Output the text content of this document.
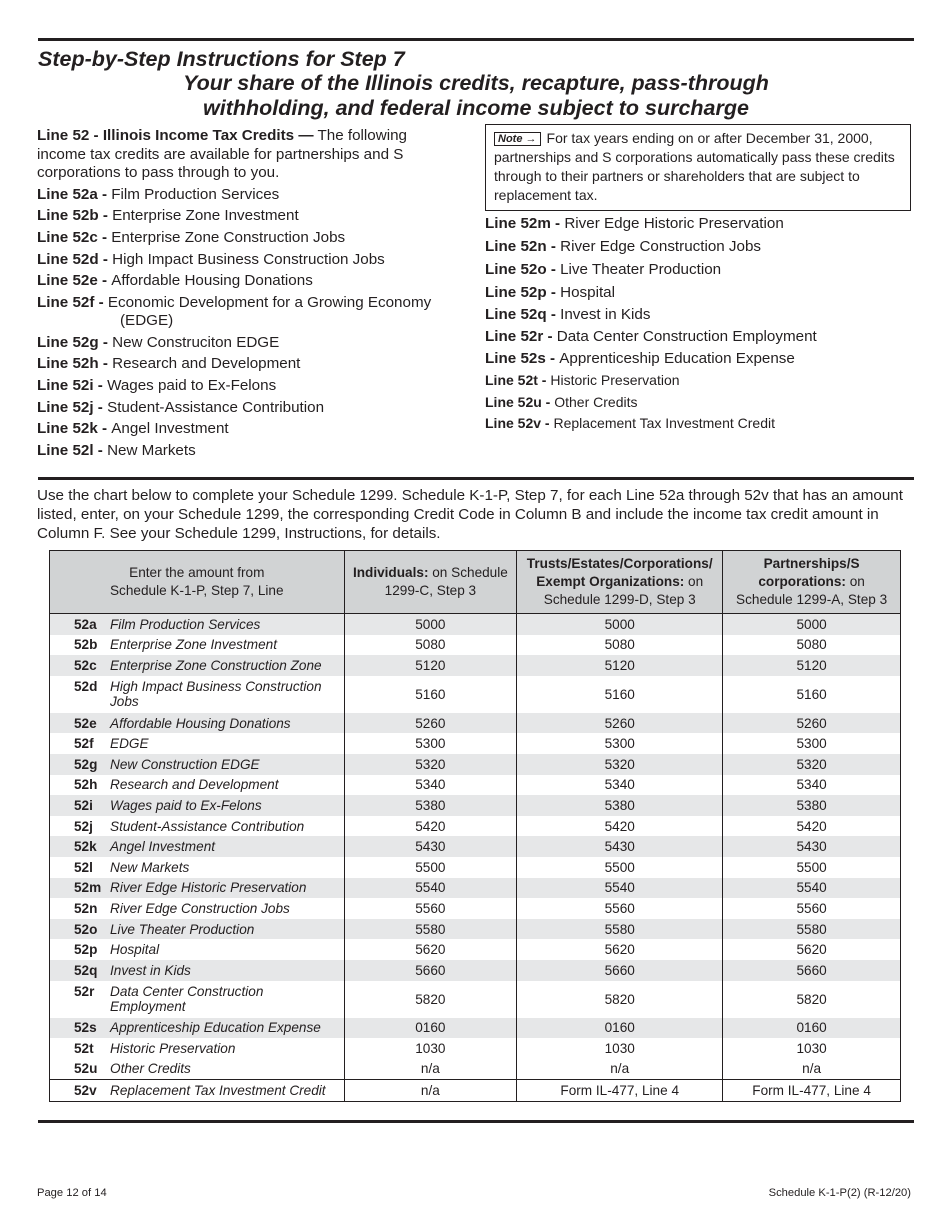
Step-by-Step Instructions for Step 7
Your share of the Illinois credits, recapture, pass-through
withholding, and federal income subject to surcharge
Line 52 - Illinois Income Tax Credits — The following income tax credits are available for partnerships and S corporations to pass through to you.
Line 52a - Film Production Services
Line 52b - Enterprise Zone Investment
Line 52c - Enterprise Zone Construction Jobs
Line 52d - High Impact Business Construction Jobs
Line 52e - Affordable Housing Donations
Line 52f - Economic Development for a Growing Economy
(EDGE)
Line 52g - New Construciton EDGE
Line 52h - Research and Development
Line 52i - Wages paid to Ex-Felons
Line 52j - Student-Assistance Contribution
Line 52k - Angel Investment
Line 52l - New Markets
Note → For tax years ending on or after December 31, 2000, partnerships and S corporations automatically pass these credits through to their partners or shareholders that are subject to replacement tax.
Line 52m - River Edge Historic Preservation
Line 52n - River Edge Construction Jobs
Line 52o - Live Theater Production
Line 52p - Hospital
Line 52q - Invest in Kids
Line 52r - Data Center Construction Employment
Line 52s - Apprenticeship Education Expense
Line 52t - Historic Preservation
Line 52u - Other Credits
Line 52v - Replacement Tax Investment Credit
Use the chart below to complete your Schedule 1299. Schedule K-1-P, Step 7, for each Line 52a through 52v that has an amount listed, enter, on your Schedule 1299, the corresponding Credit Code in Column B and include the income tax credit amount in Column F. See your Schedule 1299, Instructions, for details.
Enter the amount from Schedule K-1-P, Step 7, Line	Individuals: on Schedule 1299-C, Step 3	Trusts/Estates/Corporations/ Exempt Organizations: on Schedule 1299-D, Step 3	Partnerships/S corporations: on Schedule 1299-A, Step 3
52a Film Production Services	5000	5000	5000
52b Enterprise Zone Investment	5080	5080	5080
52c Enterprise Zone Construction Zone	5120	5120	5120
52d High Impact Business Construction Jobs	5160	5160	5160
52e Affordable Housing Donations	5260	5260	5260
52f EDGE	5300	5300	5300
52g New Construction EDGE	5320	5320	5320
52h Research and Development	5340	5340	5340
52i Wages paid to Ex-Felons	5380	5380	5380
52j Student-Assistance Contribution	5420	5420	5420
52k Angel Investment	5430	5430	5430
52l New Markets	5500	5500	5500
52m River Edge Historic Preservation	5540	5540	5540
52n River Edge Construction Jobs	5560	5560	5560
52o Live Theater Production	5580	5580	5580
52p Hospital	5620	5620	5620
52q Invest in Kids	5660	5660	5660
52r Data Center Construction Employment	5820	5820	5820
52s Apprenticeship Education Expense	0160	0160	0160
52t Historic Preservation	1030	1030	1030
52u Other Credits	n/a	n/a	n/a
52v Replacement Tax Investment Credit	n/a	Form IL-477, Line 4	Form IL-477, Line 4
Page 12 of 14	Schedule K-1-P(2) (R-12/20)
